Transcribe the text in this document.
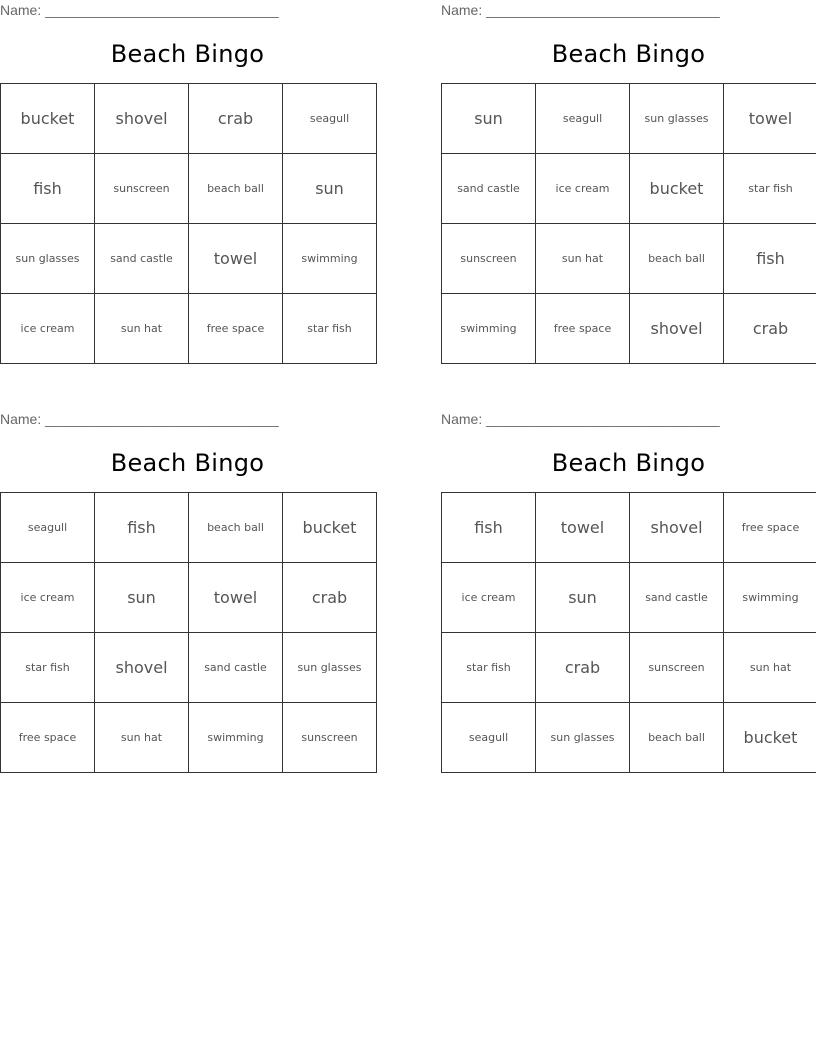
Name: ______________________________
Beach Bingo
bucket	shovel	crab	seagull
fish	sunscreen	beach ball	sun
sun glasses	sand castle	towel	swimming
ice cream	sun hat	free space	star fish
Name: ______________________________
Beach Bingo
sun	seagull	sun glasses	towel
sand castle	ice cream	bucket	star fish
sunscreen	sun hat	beach ball	fish
swimming	free space	shovel	crab
Name: ______________________________
Beach Bingo
seagull	fish	beach ball	bucket
ice cream	sun	towel	crab
star fish	shovel	sand castle	sun glasses
free space	sun hat	swimming	sunscreen
Name: ______________________________
Beach Bingo
fish	towel	shovel	free space
ice cream	sun	sand castle	swimming
star fish	crab	sunscreen	sun hat
seagull	sun glasses	beach ball	bucket
